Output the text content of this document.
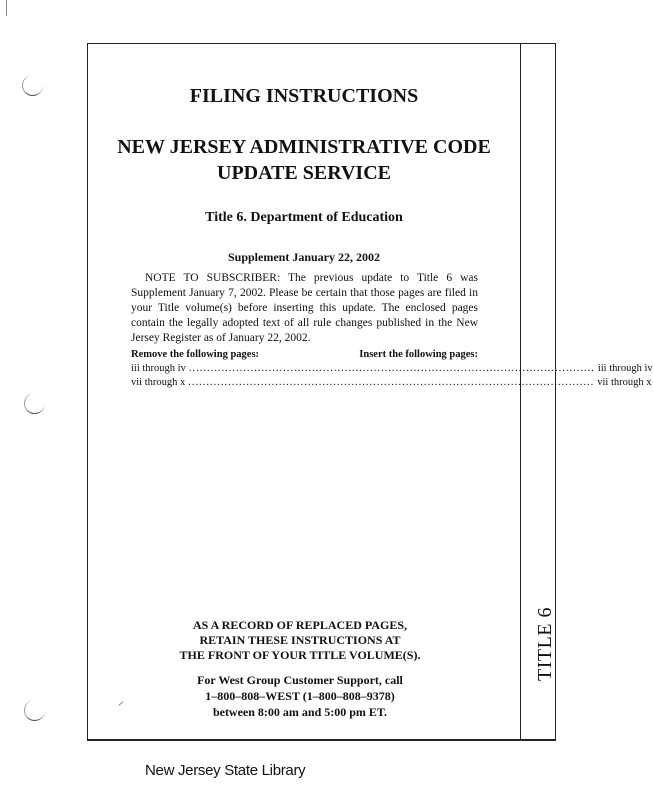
TITLE 6
FILING INSTRUCTIONS
NEW JERSEY ADMINISTRATIVE CODE
UPDATE SERVICE
Title 6. Department of Education
Supplement January 22, 2002
NOTE TO SUBSCRIBER: The previous update to Title 6 was Supplement January 7, 2002. Please be certain that those pages are filed in your Title volume(s) before inserting this update. The enclosed pages contain the legally adopted text of all rule changes published in the New Jersey Register as of January 22, 2002.
Remove the following pages:	Insert the following pages:
iii through iv ................................................................................................................ iii through iv
vii through x ................................................................................................................ vii through x
AS A RECORD OF REPLACED PAGES,
RETAIN THESE INSTRUCTIONS AT
THE FRONT OF YOUR TITLE VOLUME(S).
For West Group Customer Support, call
1–800–808–WEST (1–800–808–9378)
between 8:00 am and 5:00 pm ET.
New Jersey State Library
